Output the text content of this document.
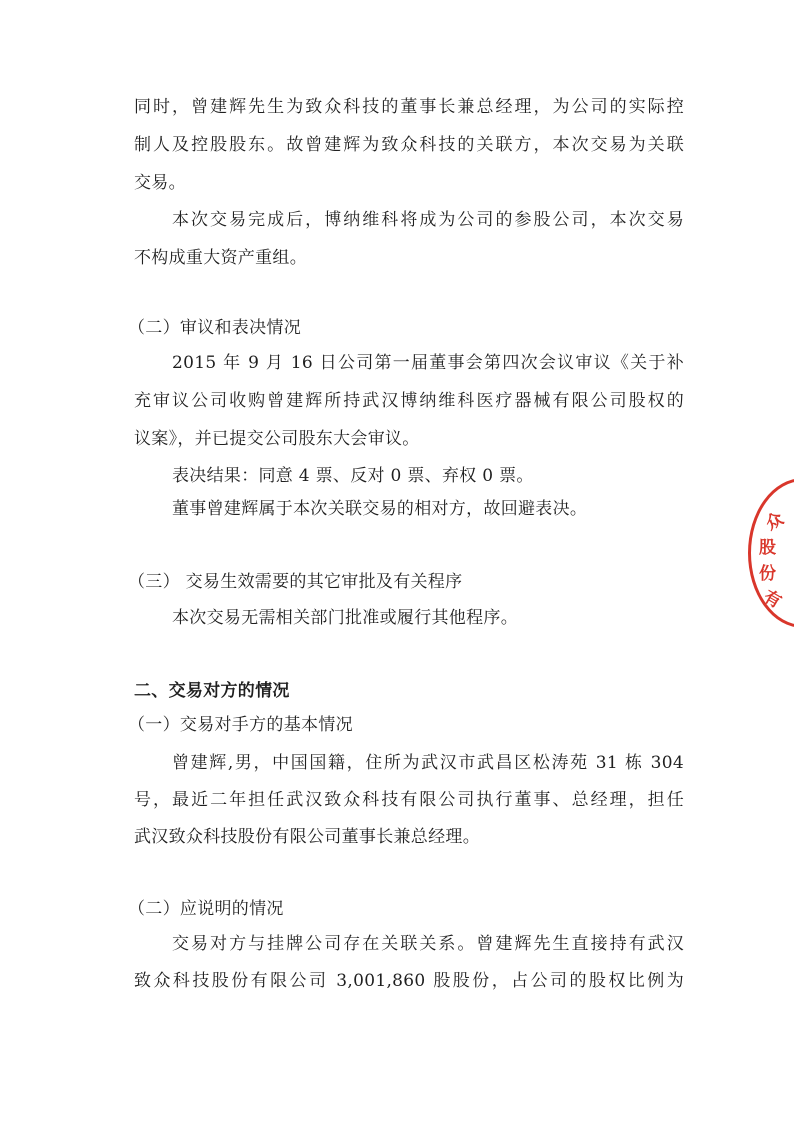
同时，曾建辉先生为致众科技的董事长兼总经理，为公司的实际控
制人及控股股东。故曾建辉为致众科技的关联方，本次交易为关联
交易。
本次交易完成后，博纳维科将成为公司的参股公司，本次交易
不构成重大资产重组。
（二）审议和表决情况
2015 年 9 月 16 日公司第一届董事会第四次会议审议《关于补
充审议公司收购曾建辉所持武汉博纳维科医疗器械有限公司股权的
议案》，并已提交公司股东大会审议。
表决结果：同意 4 票、反对 0 票、弃权 0 票。
董事曾建辉属于本次关联交易的相对方，故回避表决。
（三） 交易生效需要的其它审批及有关程序
本次交易无需相关部门批准或履行其他程序。
二、交易对方的情况
（一）交易对手方的基本情况
曾建辉,男，中国国籍，住所为武汉市武昌区松涛苑 31 栋 304
号，最近二年担任武汉致众科技有限公司执行董事、总经理，担任
武汉致众科技股份有限公司董事长兼总经理。
（二）应说明的情况
交易对方与挂牌公司存在关联关系。曾建辉先生直接持有武汉
致众科技股份有限公司 3,001,860 股股份，占公司的股权比例为
众
股
份
有
